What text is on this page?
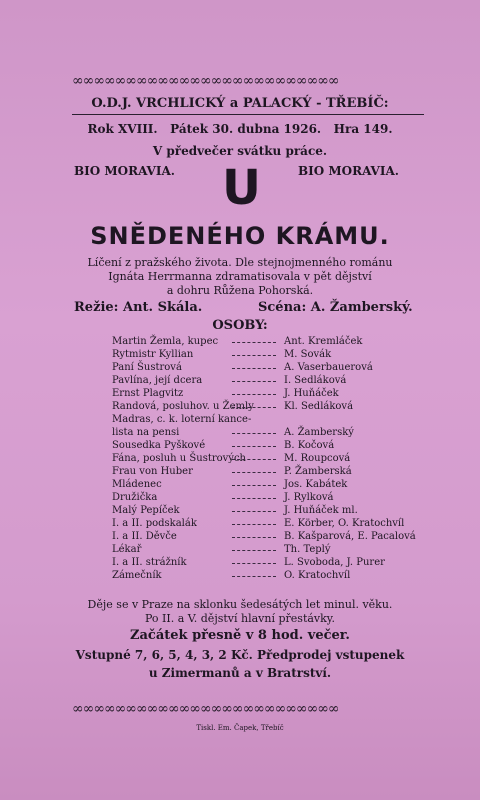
∞∞∞∞∞∞∞∞∞∞∞∞∞∞∞∞∞∞∞∞∞∞∞∞∞
O.D.J. VRCHLICKÝ a PALACKÝ - TŘEBÍČ:
Rok XVIII. Pátek 30. dubna 1926. Hra 149.
V předvečer svátku práce.
BIO MORAVIA.	BIO MORAVIA.
U
SNĚDENÉHO KRÁMU.
Líčení z pražského života. Dle stejnojmenného románu
Ignáta Herrmanna zdramatisovala v pět dějství
a dohru Růžena Pohorská.
Režie: Ant. Skála.	Scéna: A. Žamberský.
OSOBY:
Martin Žemla, kupec	Ant. Kremláček
Rytmistr Kyllian	M. Sovák
Paní Šustrová	A. Vaserbauerová
Pavlína, její dcera	I. Sedláková
Ernst Plagvitz	J. Huňáček
Randová, posluhov. u Žemly	Kl. Sedláková
Madras, c. k. loterní kance-
lista na pensi	A. Žamberský
Sousedka Pyškové	B. Kočová
Fána, posluh u Šustrových	M. Roupcová
Frau von Huber	P. Žamberská
Mládenec	Jos. Kabátek
Družička	J. Rylková
Malý Pepíček	J. Huňáček ml.
I. a II. podskalák	E. Körber, O. Kratochvíl
I. a II. Děvče	B. Kašparová, E. Pacalová
Lékař	Th. Teplý
I. a II. strážník	L. Svoboda, J. Purer
Zámečník	O. Kratochvíl
Děje se v Praze na sklonku šedesátých let minul. věku.
Po II. a V. dějství hlavní přestávky.
Začátek přesně v 8 hod. večer.
Vstupné 7, 6, 5, 4, 3, 2 Kč. Předprodej vstupenek
u Zimermanů a v Bratrství.
∞∞∞∞∞∞∞∞∞∞∞∞∞∞∞∞∞∞∞∞∞∞∞∞∞
Tiskl. Em. Čapek, Třebíč
